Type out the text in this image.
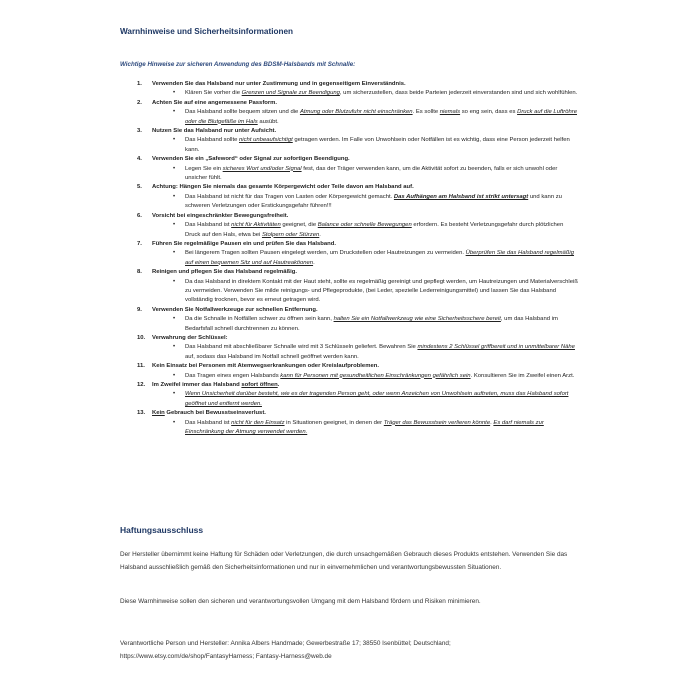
Warnhinweise und Sicherheitsinformationen
Wichtige Hinweise zur sicheren Anwendung des BDSM-Halsbands mit Schnalle:
1. Verwenden Sie das Halsband nur unter Zustimmung und in gegenseitigem Einverständnis.
• Klären Sie vorher die Grenzen und Signale zur Beendigung, um sicherzustellen, dass beide Parteien jederzeit einverstanden sind und sich wohlfühlen.
2. Achten Sie auf eine angemessene Passform.
• Das Halsband sollte bequem sitzen und die Atmung oder Blutzufuhr nicht einschränken. Es sollte niemals so eng sein, dass es Druck auf die Luftröhre oder die Blutgefäße im Hals ausübt.
3. Nutzen Sie das Halsband nur unter Aufsicht.
• Das Halsband sollte nicht unbeaufsichtigt getragen werden. Im Falle von Unwohlsein oder Notfällen ist es wichtig, dass eine Person jederzeit helfen kann.
4. Verwenden Sie ein „Safeword“ oder Signal zur sofortigen Beendigung.
• Legen Sie ein sicheres Wort und/oder Signal fest, das der Träger verwenden kann, um die Aktivität sofort zu beenden, falls er sich unwohl oder unsicher fühlt.
5. Achtung: Hängen Sie niemals das gesamte Körpergewicht oder Teile davon am Halsband auf.
• Das Halsband ist nicht für das Tragen von Lasten oder Körpergewicht gemacht. Das Aufhängen am Halsband ist strikt untersagt und kann zu schweren Verletzungen oder Erstickungsgefahr führen!!!
6. Vorsicht bei eingeschränkter Bewegungsfreiheit.
• Das Halsband ist nicht für Aktivitäten geeignet, die Balance oder schnelle Bewegungen erfordern. Es besteht Verletzungsgefahr durch plötzlichen Druck auf den Hals, etwa bei Stolpern oder Stürzen.
7. Führen Sie regelmäßige Pausen ein und prüfen Sie das Halsband.
• Bei längerem Tragen sollten Pausen eingelegt werden, um Druckstellen oder Hautreizungen zu vermeiden. Überprüfen Sie das Halsband regelmäßig auf einen bequemen Sitz und auf Hautreaktionen.
8. Reinigen und pflegen Sie das Halsband regelmäßig.
• Da das Halsband in direktem Kontakt mit der Haut steht, sollte es regelmäßig gereinigt und gepflegt werden, um Hautreizungen und Materialverschleiß zu vermeiden. Verwenden Sie milde reinigungs- und Pflegeprodukte, (bei Leder, spezielle Lederreinigungsmittel) und lassen Sie das Halsband vollständig trocknen, bevor es erneut getragen wird.
9. Verwenden Sie Notfallwerkzeuge zur schnellen Entfernung.
• Da die Schnalle in Notfällen schwer zu öffnen sein kann, halten Sie ein Notfallwerkzeug wie eine Sicherheitsschere bereit, um das Halsband im Bedarfsfall schnell durchtrennen zu können.
10. Verwahrung der Schlüssel:
• Das Halsband mit abschließbarer Schnalle wird mit 3 Schlüsseln geliefert. Bewahren Sie mindestens 2 Schlüssel griffbereit und in unmittelbarer Nähe auf, sodass das Halsband im Notfall schnell geöffnet werden kann.
11. Kein Einsatz bei Personen mit Atemwegserkrankungen oder Kreislaufproblemen.
• Das Tragen eines engen Halsbands kann für Personen mit gesundheitlichen Einschränkungen gefährlich sein. Konsultieren Sie im Zweifel einen Arzt.
12. Im Zweifel immer das Halsband sofort öffnen.
• Wenn Unsicherheit darüber besteht, wie es der tragenden Person geht, oder wenn Anzeichen von Unwohlsein auftreten, muss das Halsband sofort geöffnet und entfernt werden.
13. Kein Gebrauch bei Bewusstseinsverlust.
• Das Halsband ist nicht für den Einsatz in Situationen geeignet, in denen der Träger das Bewusstsein verlieren könnte. Es darf niemals zur Einschränkung der Atmung verwendet werden.
Haftungsausschluss
Der Hersteller übernimmt keine Haftung für Schäden oder Verletzungen, die durch unsachgemäßen Gebrauch dieses Produkts entstehen. Verwenden Sie das Halsband ausschließlich gemäß den Sicherheitsinformationen und nur in einvernehmlichen und verantwortungsbewussten Situationen.
Diese Warnhinweise sollen den sicheren und verantwortungsvollen Umgang mit dem Halsband fördern und Risiken minimieren.
Verantwortliche Person und Hersteller: Annika Albers Handmade; Gewerbestraße 17; 38550 Isenbüttel; Deutschland;
https://www.etsy.com/de/shop/FantasyHarness; Fantasy-Harness@web.de
